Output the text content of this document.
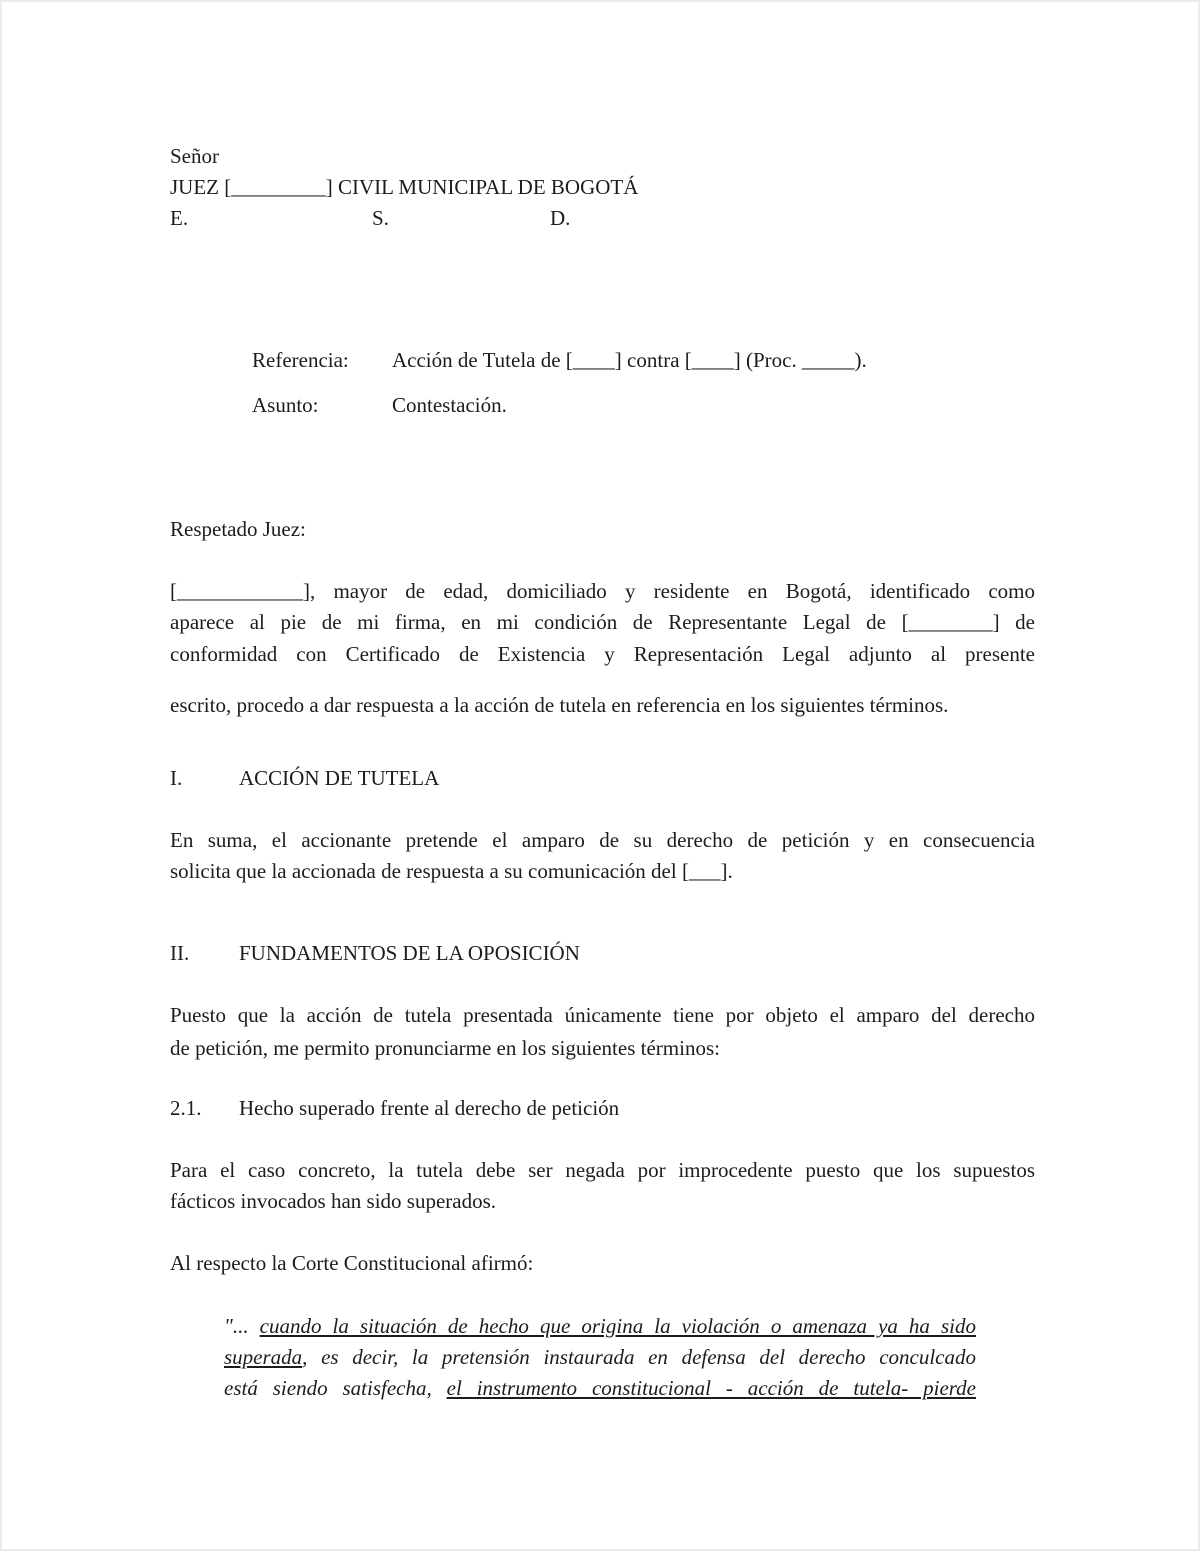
Señor
JUEZ [_________] CIVIL MUNICIPAL DE BOGOTÁ
E.	S.	D.
Referencia: Acción de Tutela de [____] contra [____] (Proc. _____).
Asunto:	Contestación.
Respetado Juez:
[____________], mayor de edad, domiciliado y residente en Bogotá, identificado como
aparece al pie de mi firma, en mi condición de Representante Legal de [________] de
conformidad con Certificado de Existencia y Representación Legal adjunto al presente
escrito, procedo a dar respuesta a la acción de tutela en referencia en los siguientes términos.
I.	ACCIÓN DE TUTELA
En suma, el accionante pretende el amparo de su derecho de petición y en consecuencia
solicita que la accionada de respuesta a su comunicación del [___].
II. FUNDAMENTOS DE LA OPOSICIÓN
Puesto que la acción de tutela presentada únicamente tiene por objeto el amparo del derecho
de petición, me permito pronunciarme en los siguientes términos:
2.1. Hecho superado frente al derecho de petición
Para el caso concreto, la tutela debe ser negada por improcedente puesto que los supuestos
fácticos invocados han sido superados.
Al respecto la Corte Constitucional afirmó:
"... cuando la situación de hecho que origina la violación o amenaza ya ha sido
superada, es decir, la pretensión instaurada en defensa del derecho conculcado
está siendo satisfecha, el instrumento constitucional - acción de tutela- pierde
